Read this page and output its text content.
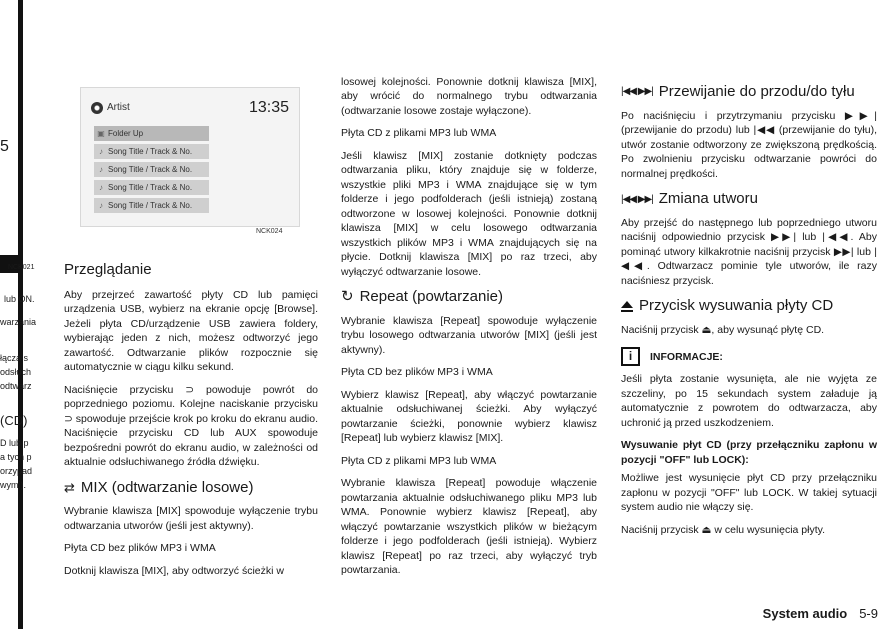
5
NCK021
lub ON.
warzania
łącza s
odsłuch
odtwarz
(CD)
D lub p
a tych p
orzypad
wymi).
Artist	13:35
▣ Folder Up
♪ Song Title / Track & No.
♪ Song Title / Track & No.
♪ Song Title / Track & No.
♪ Song Title / Track & No.
NCK024
Przeglądanie

Aby przejrzeć zawartość płyty CD lub pamięci urządzenia USB, wybierz na ekranie opcję [Browse]. Jeżeli płyta CD/urządzenie USB zawiera foldery, wybierając jeden z nich, możesz odtworzyć jego zawartość. Odtwarzanie plików rozpocznie się automatycznie w ciągu kilku sekund.

Naciśnięcie przycisku ⊃ powoduje powrót do poprzedniego poziomu. Kolejne naciskanie przycisku ⊃ spowoduje przejście krok po kroku do ekranu audio. Naciśnięcie przycisku CD lub AUX spowoduje bezpośredni powrót do ekranu audio, w zależności od aktualnie odsłuchiwanego źródła dźwięku.

⇄ MIX (odtwarzanie losowe)

Wybranie klawisza [MIX] spowoduje wyłączenie trybu odtwarzania utworów (jeśli jest aktywny).

Płyta CD bez plików MP3 i WMA

Dotknij klawisza [MIX], aby odtworzyć ścieżki w

losowej kolejności. Ponownie dotknij klawisza [MIX], aby wrócić do normalnego trybu odtwarzania (odtwarzanie losowe zostaje wyłączone).

Płyta CD z plikami MP3 lub WMA

Jeśli klawisz [MIX] zostanie dotknięty podczas odtwarzania pliku, który znajduje się w folderze, wszystkie pliki MP3 i WMA znajdujące się w tym folderze i jego podfolderach (jeśli istnieją) zostaną odtworzone w losowej kolejności. Ponownie dotknij klawisza [MIX] w celu losowego odtwarzania wszystkich plików MP3 i WMA znajdujących się na płycie. Dotknij klawisza [MIX] po raz trzeci, aby wyłączyć odtwarzanie losowe.

↻ Repeat (powtarzanie)

Wybranie klawisza [Repeat] spowoduje wyłączenie trybu losowego odtwarzania utworów [MIX] (jeśli jest aktywny).

Płyta CD bez plików MP3 i WMA

Wybierz klawisz [Repeat], aby włączyć powtarzanie aktualnie odsłuchiwanej ścieżki. Aby wyłączyć powtarzanie ścieżki, ponownie wybierz klawisz [Repeat] lub wybierz klawisz [MIX].

Płyta CD z plikami MP3 lub WMA

Wybranie klawisza [Repeat] powoduje włączenie powtarzania aktualnie odsłuchiwanego pliku MP3 lub WMA. Ponownie wybierz klawisz [Repeat], aby włączyć powtarzanie wszystkich plików w bieżącym folderze i jego podfolderach (jeśli istnieją). Wybierz klawisz [Repeat] po raz trzeci, aby wyłączyć tryb powtarzania.

|◀◀ ▶▶| Przewijanie do przodu/do tyłu

Po naciśnięciu i przytrzymaniu przycisku ▶▶| (przewijanie do przodu) lub |◀◀ (przewijanie do tyłu), utwór zostanie odtworzony ze zwiększoną prędkością. Po zwolnieniu przycisku odtwarzanie powróci do normalnej prędkości.

|◀◀ ▶▶| Zmiana utworu

Aby przejść do następnego lub poprzedniego utworu naciśnij odpowiednio przycisk ▶▶| lub |◀◀. Aby pominąć utwory kilkakrotnie naciśnij przycisk ▶▶| lub |◀◀. Odtwarzacz pominie tyle utworów, ile razy naciśniesz przycisk.

Przycisk wysuwania płyty CD

Naciśnij przycisk ⏏, aby wysunąć płytę CD.

i	INFORMACJE:

Jeśli płyta zostanie wysunięta, ale nie wyjęta ze szczeliny, po 15 sekundach system załaduje ją automatycznie z powrotem do odtwarzacza, aby uchronić ją przed uszkodzeniem.

Wysuwanie płyt CD (przy przełączniku zapłonu w pozycji "OFF" lub LOCK):

Możliwe jest wysunięcie płyt CD przy przełączniku zapłonu w pozycji "OFF" lub LOCK. W takiej sytuacji system audio nie włączy się.

Naciśnij przycisk ⏏ w celu wysunięcia płyty.

System audio 5-9
